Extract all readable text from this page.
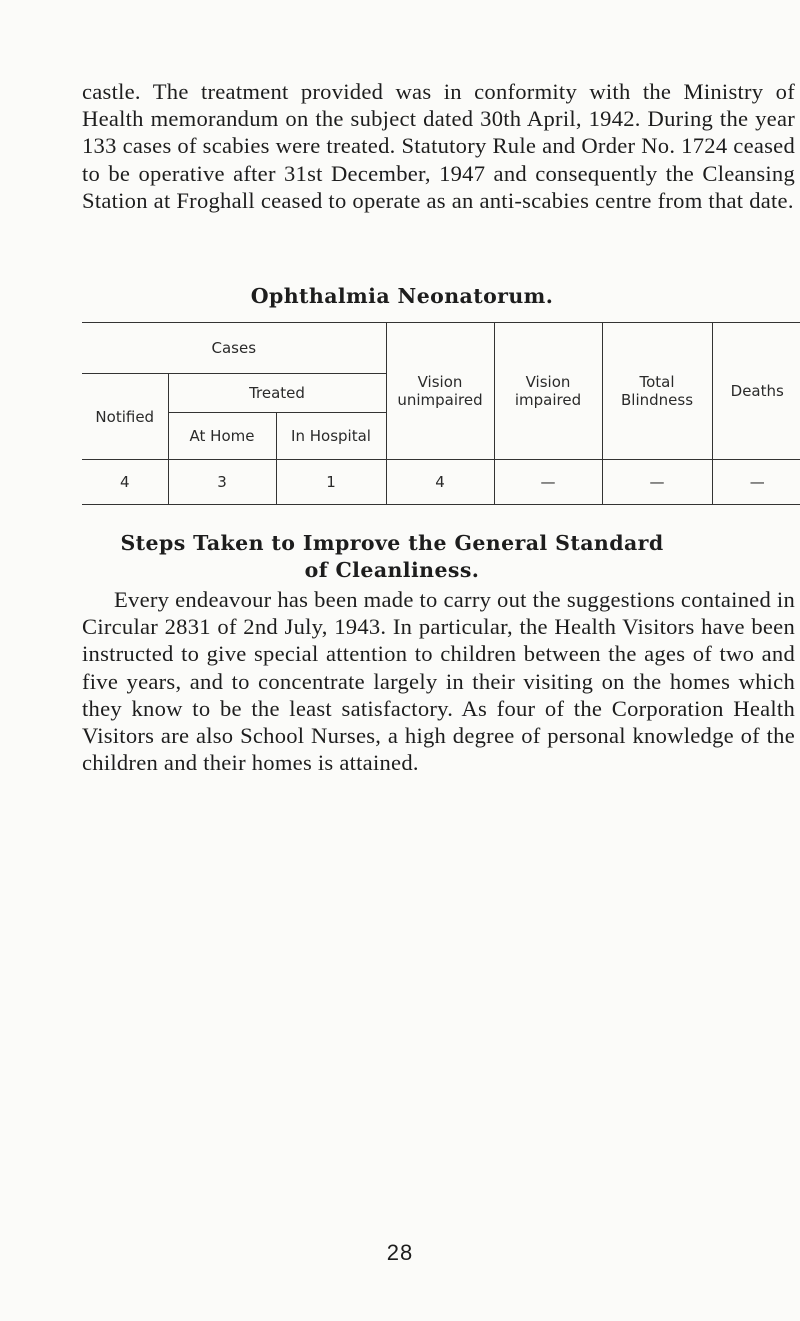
castle. The treatment provided was in conformity with the Ministry of Health memorandum on the subject dated 30th April, 1942. During the year 133 cases of scabies were treated. Statutory Rule and Order No. 1724 ceased to be operative after 31st December, 1947 and consequently the Cleansing Station at Froghall ceased to operate as an anti-scabies centre from that date.

Ophthalmia Neonatorum.
Cases			Vision unimpaired	Vision impaired	Total Blindness	Deaths
Notified	Treated					
	At Home	In Hospital				
4	3	1	4	—	—	—
Steps Taken to Improve the General Standard
of Cleanliness.

Every endeavour has been made to carry out the suggestions contained in Circular 2831 of 2nd July, 1943. In particular, the Health Visitors have been instructed to give special attention to children between the ages of two and five years, and to concentrate largely in their visiting on the homes which they know to be the least satisfactory. As four of the Corporation Health Visitors are also School Nurses, a high degree of personal knowledge of the children and their homes is attained.

28
